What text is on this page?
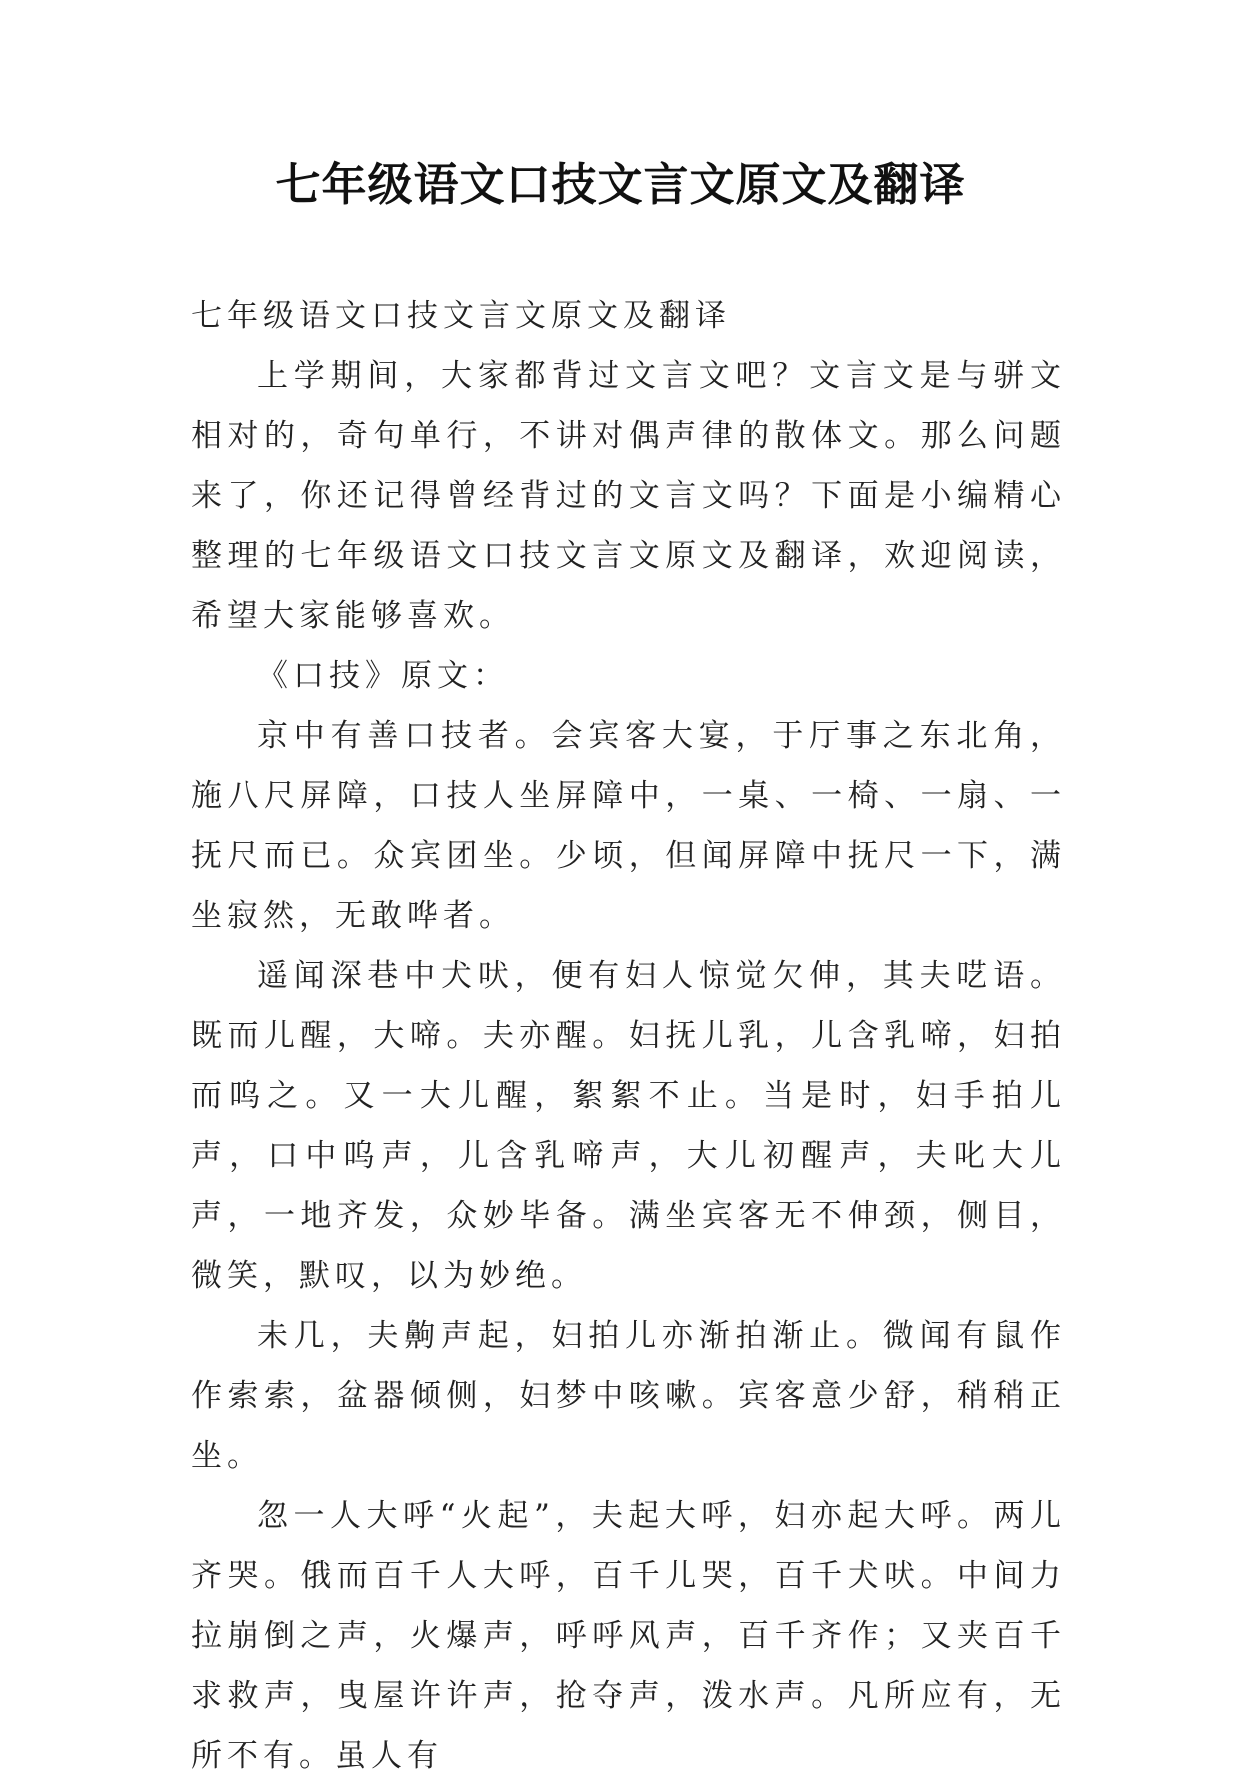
七年级语文口技文言文原文及翻译

七年级语文口技文言文原文及翻译

上学期间，大家都背过文言文吧？文言文是与骈文相对的，奇句单行，不讲对偶声律的散体文。那么问题来了，你还记得曾经背过的文言文吗？下面是小编精心整理的七年级语文口技文言文原文及翻译，欢迎阅读，希望大家能够喜欢。

《口技》原文：

京中有善口技者。会宾客大宴，于厅事之东北角，施八尺屏障，口技人坐屏障中，一桌、一椅、一扇、一抚尺而已。众宾团坐。少顷，但闻屏障中抚尺一下，满坐寂然，无敢哗者。

遥闻深巷中犬吠，便有妇人惊觉欠伸，其夫呓语。既而儿醒，大啼。夫亦醒。妇抚儿乳，儿含乳啼，妇拍而呜之。又一大儿醒，絮絮不止。当是时，妇手拍儿声，口中呜声，儿含乳啼声，大儿初醒声，夫叱大儿声，一地齐发，众妙毕备。满坐宾客无不伸颈，侧目，微笑，默叹，以为妙绝。

未几，夫齁声起，妇拍儿亦渐拍渐止。微闻有鼠作作索索，盆器倾侧，妇梦中咳嗽。宾客意少舒，稍稍正坐。

忽一人大呼“火起”，夫起大呼，妇亦起大呼。两儿齐哭。俄而百千人大呼，百千儿哭，百千犬吠。中间力拉崩倒之声，火爆声，呼呼风声，百千齐作；又夹百千求救声，曳屋许许声，抢夺声，泼水声。凡所应有，无所不有。虽人有
